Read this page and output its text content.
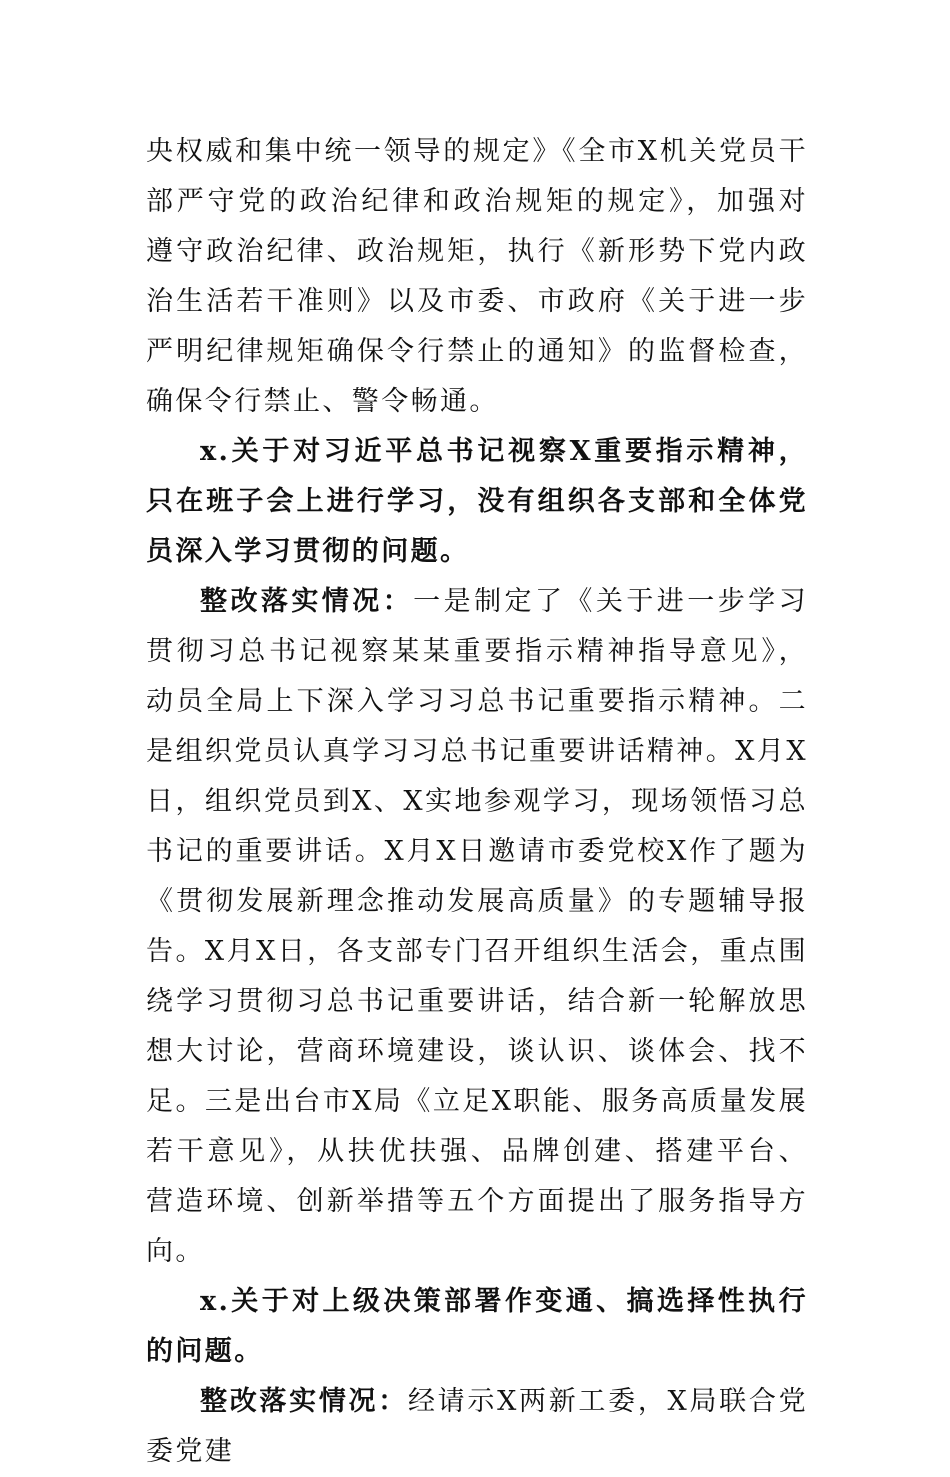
央权威和集中统一领导的规定》《全市X机关党员干部严守党的政治纪律和政治规矩的规定》，加强对遵守政治纪律、政治规矩，执行《新形势下党内政治生活若干准则》以及市委、市政府《关于进一步严明纪律规矩确保令行禁止的通知》的监督检查，确保令行禁止、警令畅通。

x.关于对习近平总书记视察X重要指示精神，只在班子会上进行学习，没有组织各支部和全体党员深入学习贯彻的问题。

整改落实情况：一是制定了《关于进一步学习贯彻习总书记视察某某重要指示精神指导意见》，动员全局上下深入学习习总书记重要指示精神。二是组织党员认真学习习总书记重要讲话精神。X月X日，组织党员到X、X实地参观学习，现场领悟习总书记的重要讲话。X月X日邀请市委党校X作了题为《贯彻发展新理念推动发展高质量》的专题辅导报告。X月X日，各支部专门召开组织生活会，重点围绕学习贯彻习总书记重要讲话，结合新一轮解放思想大讨论，营商环境建设，谈认识、谈体会、找不足。三是出台市X局《立足X职能、服务高质量发展若干意见》，从扶优扶强、品牌创建、搭建平台、营造环境、创新举措等五个方面提出了服务指导方向。

x.关于对上级决策部署作变通、搞选择性执行的问题。

整改落实情况：经请示X两新工委，X局联合党委党建
